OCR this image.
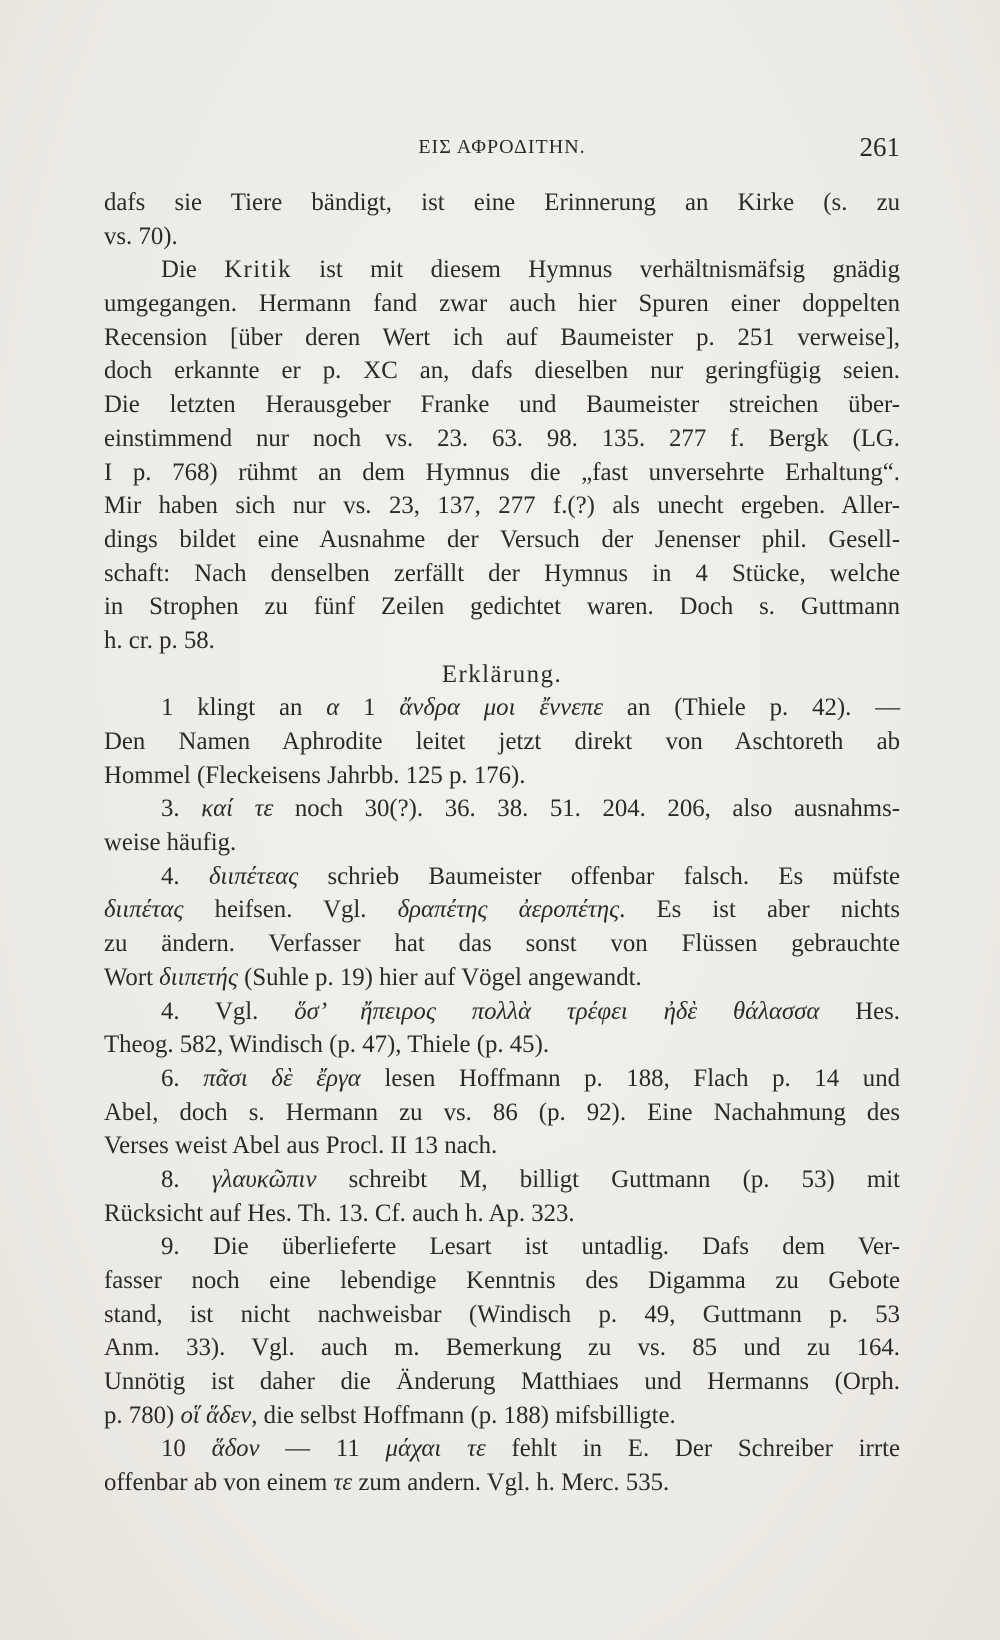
ΕΙΣ ΑΦΡΟΔΙΤΗΝ.	261
dafs sie Tiere bändigt, ist eine Erinnerung an Kirke (s. zu
vs. 70).
Die Kritik ist mit diesem Hymnus verhältnismäfsig gnädig
umgegangen. Hermann fand zwar auch hier Spuren einer doppelten
Recension [über deren Wert ich auf Baumeister p. 251 verweise],
doch erkannte er p. XC an, dafs dieselben nur geringfügig seien.
Die letzten Herausgeber Franke und Baumeister streichen über-
einstimmend nur noch vs. 23. 63. 98. 135. 277 f. Bergk (LG.
I p. 768) rühmt an dem Hymnus die „fast unversehrte Erhaltung“.
Mir haben sich nur vs. 23, 137, 277 f.(?) als unecht ergeben. Aller-
dings bildet eine Ausnahme der Versuch der Jenenser phil. Gesell-
schaft: Nach denselben zerfällt der Hymnus in 4 Stücke, welche
in Strophen zu fünf Zeilen gedichtet waren. Doch s. Guttmann
h. cr. p. 58.
Erklärung.
1 klingt an α 1 ἄνδρα μοι ἔννεπε an (Thiele p. 42). —
Den Namen Aphrodite leitet jetzt direkt von Aschtoreth ab
Hommel (Fleckeisens Jahrbb. 125 p. 176).
3. καί τε noch 30(?). 36. 38. 51. 204. 206, also ausnahms-
weise häufig.
4. διιπέτεας schrieb Baumeister offenbar falsch. Es müfste
διιπέτας heifsen. Vgl. δραπέτης ἀεροπέτης. Es ist aber nichts
zu ändern. Verfasser hat das sonst von Flüssen gebrauchte
Wort διιπετής (Suhle p. 19) hier auf Vögel angewandt.
4. Vgl. ὅσ’ ἤπειρος πολλὰ τρέφει ἠδὲ θάλασσα Hes.
Theog. 582, Windisch (p. 47), Thiele (p. 45).
6. πᾶσι δὲ ἔργα lesen Hoffmann p. 188, Flach p. 14 und
Abel, doch s. Hermann zu vs. 86 (p. 92). Eine Nachahmung des
Verses weist Abel aus Procl. II 13 nach.
8. γλαυκῶπιν schreibt M, billigt Guttmann (p. 53) mit
Rücksicht auf Hes. Th. 13. Cf. auch h. Ap. 323.
9. Die überlieferte Lesart ist untadlig. Dafs dem Ver-
fasser noch eine lebendige Kenntnis des Digamma zu Gebote
stand, ist nicht nachweisbar (Windisch p. 49, Guttmann p. 53
Anm. 33). Vgl. auch m. Bemerkung zu vs. 85 und zu 164.
Unnötig ist daher die Änderung Matthiaes und Hermanns (Orph.
p. 780) οἵ ἅδεν, die selbst Hoffmann (p. 188) mifsbilligte.
10 ἅδον — 11 μάχαι τε fehlt in E. Der Schreiber irrte
offenbar ab von einem τε zum andern. Vgl. h. Merc. 535.
